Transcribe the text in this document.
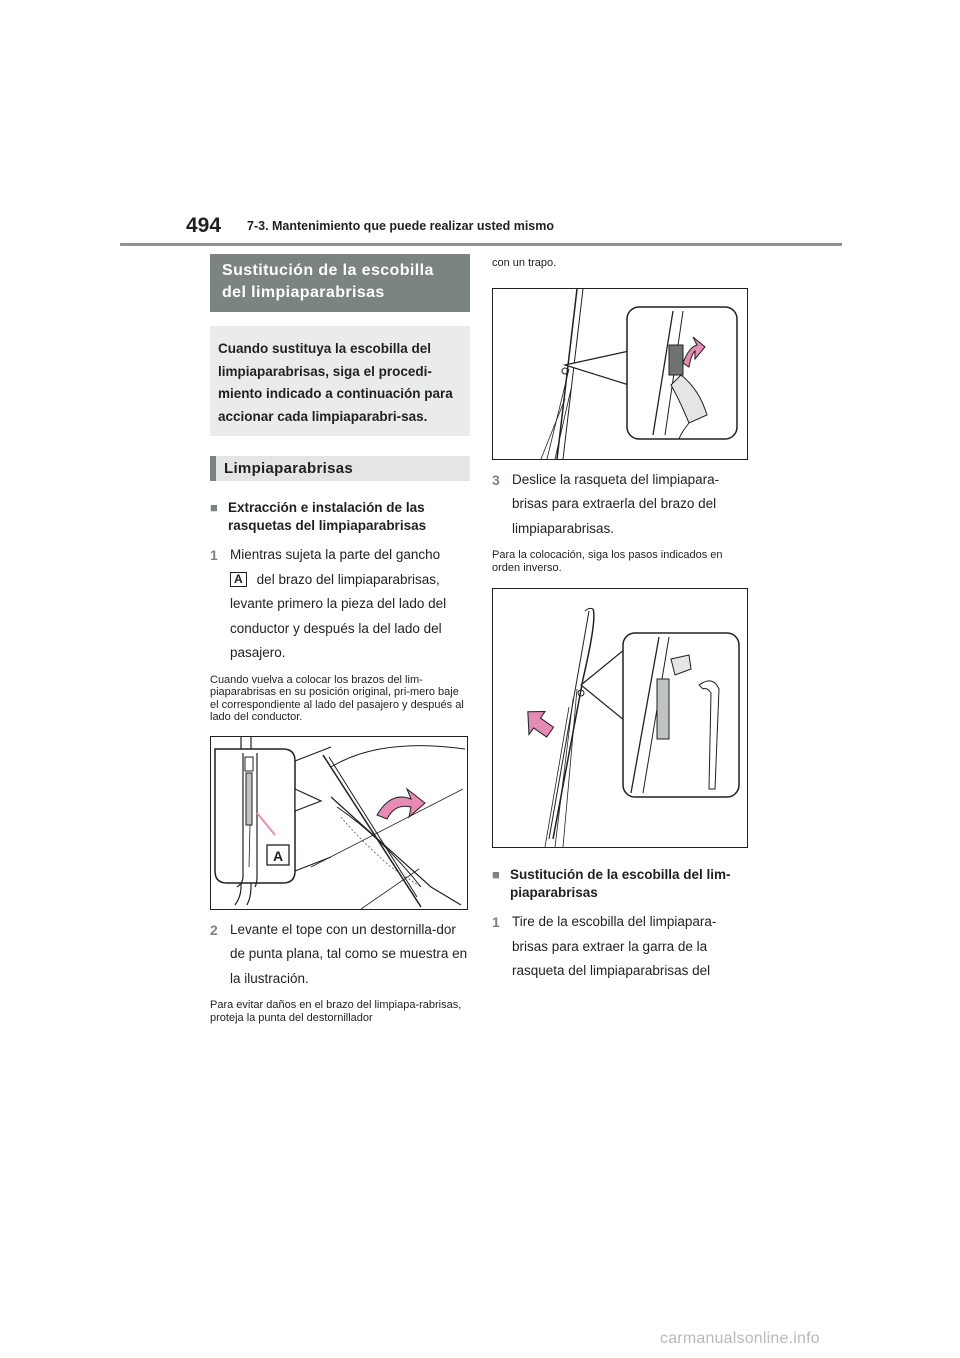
494 7-3. Mantenimiento que puede realizar usted mismo
Sustitución de la escobilla del limpiaparabrisas
Cuando sustituya la escobilla del limpiaparabrisas, siga el procedi-miento indicado a continuación para accionar cada limpiaparabri-sas.
Limpiaparabrisas
■ Extracción e instalación de las rasquetas del limpiaparabrisas
1 Mientras sujeta la parte del gancho
A del brazo del limpiaparabrisas, levante primero la pieza del lado del conductor y después la del lado del pasajero.
Cuando vuelva a colocar los brazos del lim-piaparabrisas en su posición original, pri-mero baje el correspondiente al lado del pasajero y después al lado del conductor.
A
2 Levante el tope con un destornilla-dor de punta plana, tal como se muestra en la ilustración.
Para evitar daños en el brazo del limpiapa-rabrisas, proteja la punta del destornillador
con un trapo.
3 Deslice la rasqueta del limpiapara-brisas para extraerla del brazo del limpiaparabrisas.
Para la colocación, siga los pasos indicados en orden inverso.
■ Sustitución de la escobilla del lim-piaparabrisas
1 Tire de la escobilla del limpiapara-brisas para extraer la garra de la rasqueta del limpiaparabrisas del
carmanualsonline.info
